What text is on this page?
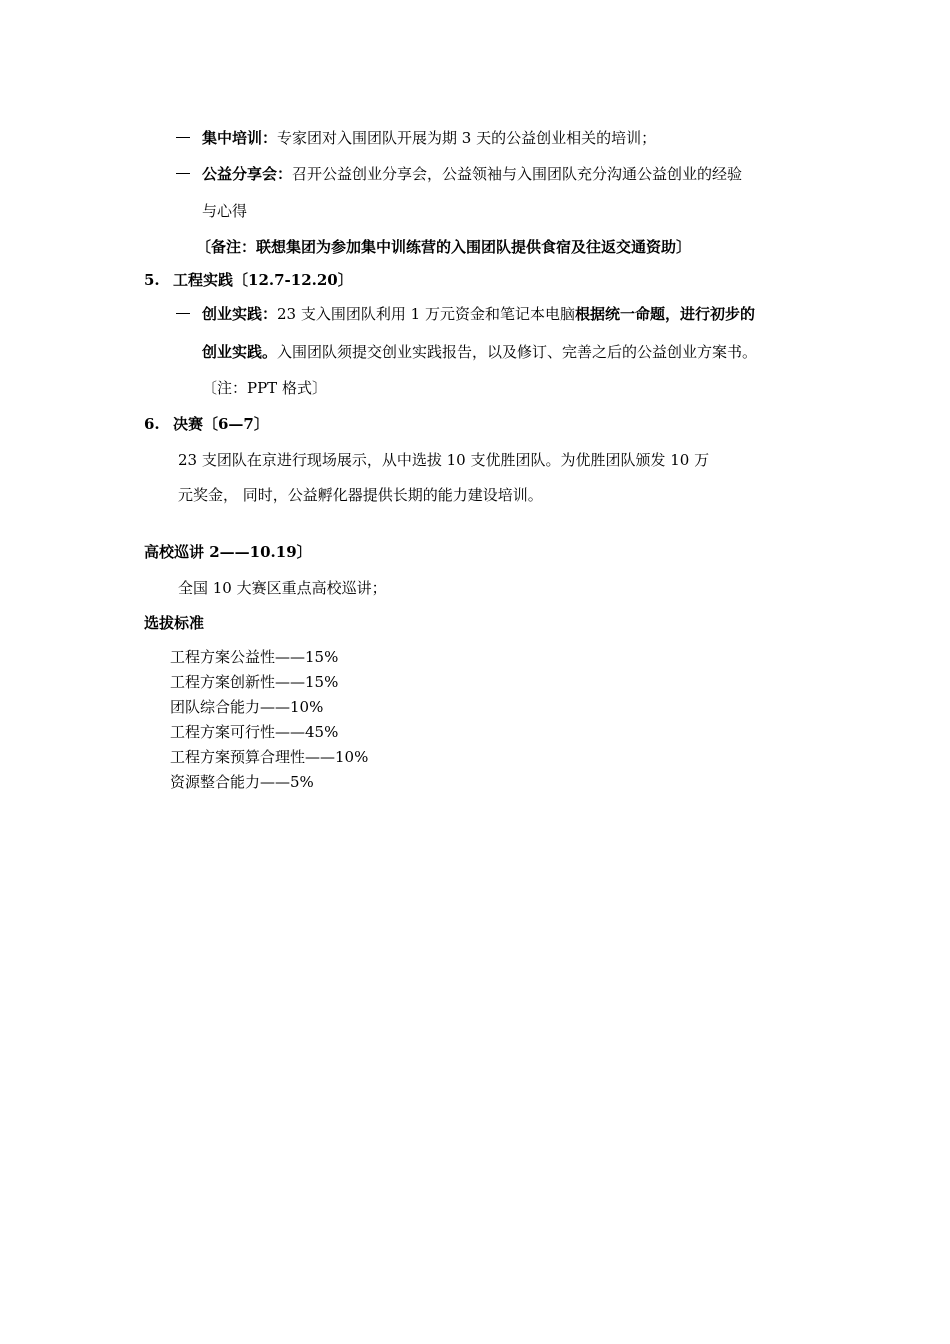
集中培训：专家团对入围团队开展为期 3 天的公益创业相关的培训；
公益分享会：召开公益创业分享会，公益领袖与入围团队充分沟通公益创业的经验
与心得
〔备注：联想集团为参加集中训练营的入围团队提供食宿及往返交通资助〕
5. 工程实践〔12.7-12.20〕
创业实践：23 支入围团队利用 1 万元资金和笔记本电脑根据统一命题，进行初步的
创业实践。入围团队须提交创业实践报告，以及修订、完善之后的公益创业方案书。
〔注：PPT 格式〕
6. 决赛〔6—7〕
23 支团队在京进行现场展示，从中选拔 10 支优胜团队。为优胜团队颁发 10 万
元奖金， 同时，公益孵化器提供长期的能力建设培训。
高校巡讲 2——10.19〕
全国 10 大赛区重点高校巡讲；
选拔标准
工程方案公益性——15%
工程方案创新性——15%
团队综合能力——10%
工程方案可行性——45%
工程方案预算合理性——10%
资源整合能力——5%
